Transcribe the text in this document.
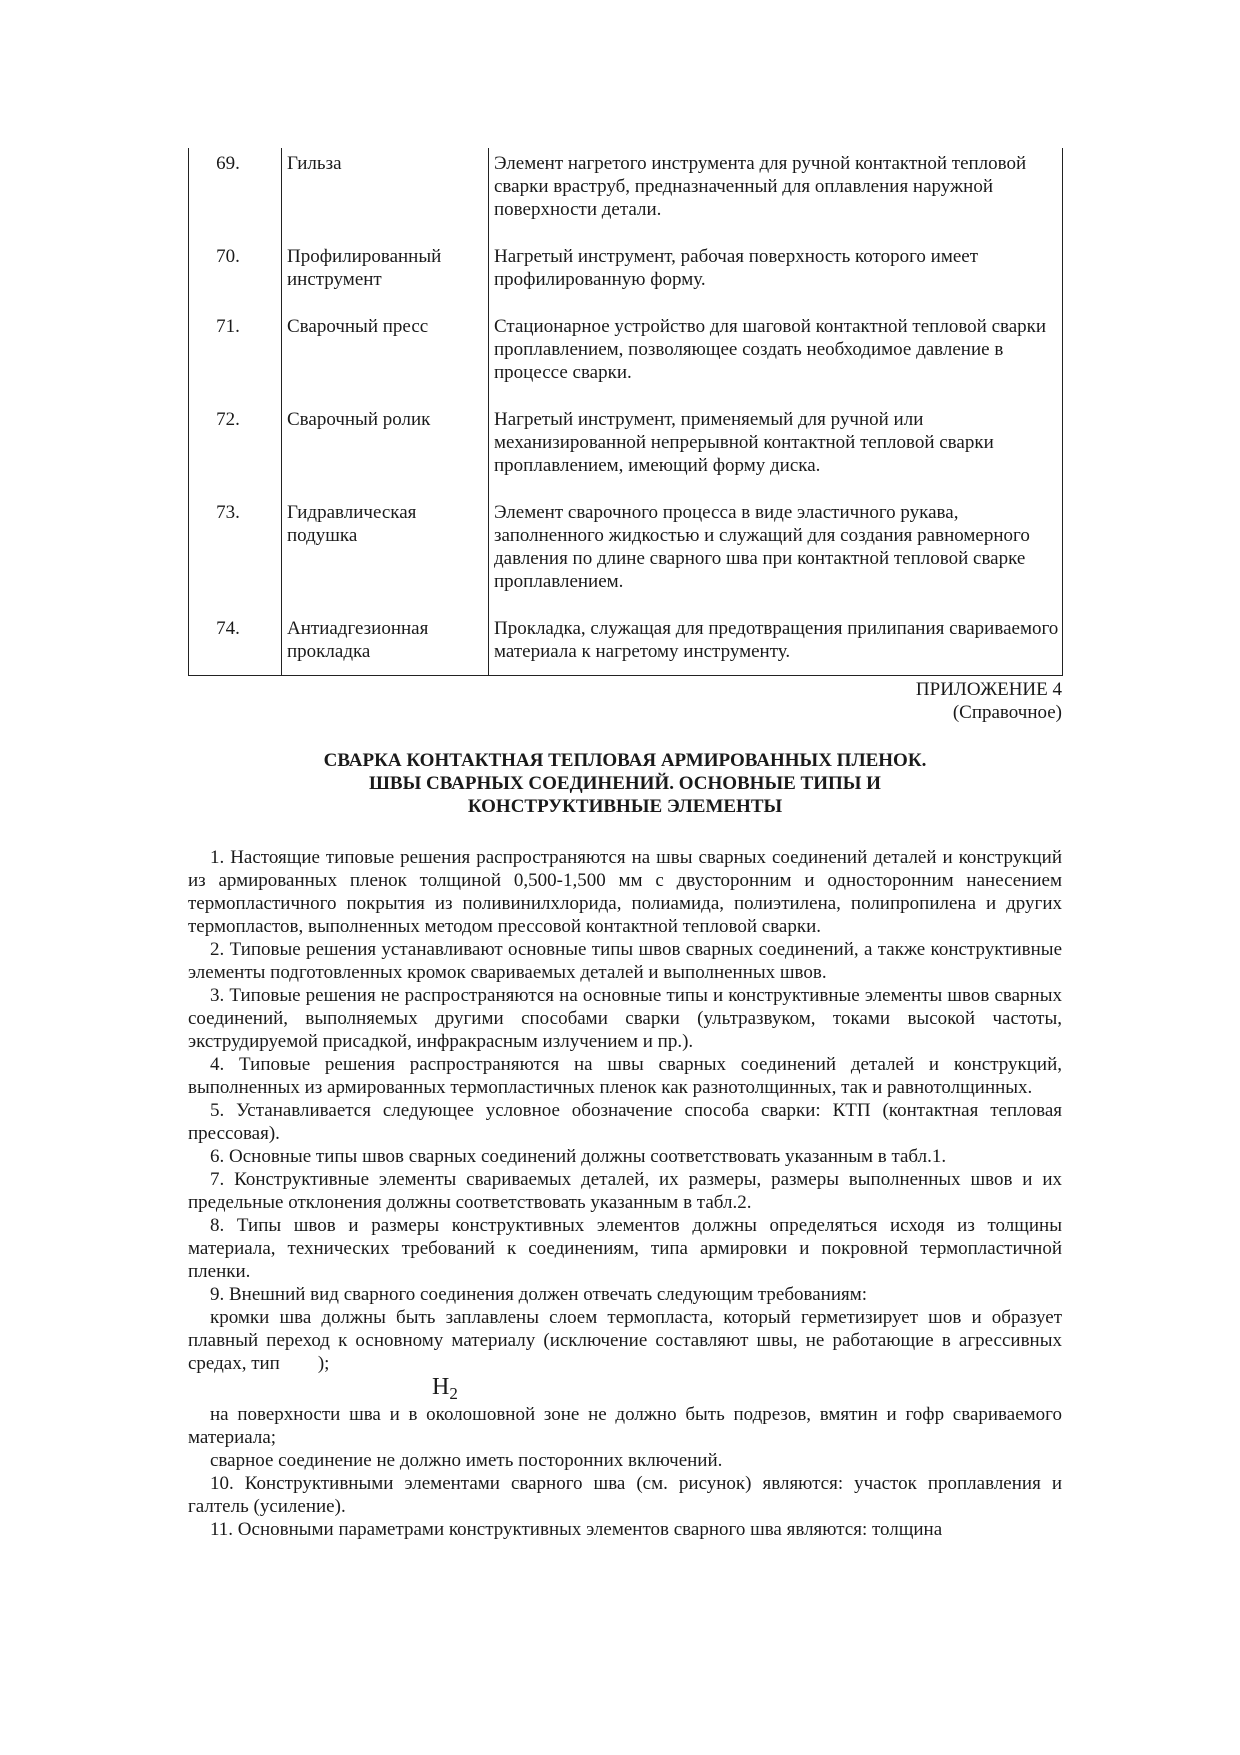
69.	Гильза	Элемент нагретого инструмента для ручной контактной тепловой сварки враструб, предназначенный для оплавления наружной поверхности детали.
70.	Профилированный инструмент	Нагретый инструмент, рабочая поверхность которого имеет профилированную форму.
71.	Сварочный пресс	Стационарное устройство для шаговой контактной тепловой сварки проплавлением, позволяющее создать необходимое давление в процессе сварки.
72.	Сварочный ролик	Нагретый инструмент, применяемый для ручной или механизированной непрерывной контактной тепловой сварки проплавлением, имеющий форму диска.
73.	Гидравлическая подушка	Элемент сварочного процесса в виде эластичного рукава, заполненного жидкостью и служащий для создания равномерного давления по длине сварного шва при контактной тепловой сварке проплавлением.
74.	Антиадгезионная прокладка	Прокладка, служащая для предотвращения прилипания свариваемого материала к нагретому инструменту.
ПРИЛОЖЕНИЕ 4
(Справочное)
СВАРКА КОНТАКТНАЯ ТЕПЛОВАЯ АРМИРОВАННЫХ ПЛЕНОК.
ШВЫ СВАРНЫХ СОЕДИНЕНИЙ. ОСНОВНЫЕ ТИПЫ И
КОНСТРУКТИВНЫЕ ЭЛЕМЕНТЫ

1. Настоящие типовые решения распространяются на швы сварных соединений деталей и конструкций из армированных пленок толщиной 0,500-1,500 мм с двусторонним и односторонним нанесением термопластичного покрытия из поливинилхлорида, полиамида, полиэтилена, полипропилена и других термопластов, выполненных методом прессовой контактной тепловой сварки.

2. Типовые решения устанавливают основные типы швов сварных соединений, а также конструктивные элементы подготовленных кромок свариваемых деталей и выполненных швов.

3. Типовые решения не распространяются на основные типы и конструктивные элементы швов сварных соединений, выполняемых другими способами сварки (ультразвуком, токами высокой частоты, экструдируемой присадкой, инфракрасным излучением и пр.).

4. Типовые решения распространяются на швы сварных соединений деталей и конструкций, выполненных из армированных термопластичных пленок как разнотолщинных, так и равнотолщинных.

5. Устанавливается следующее условное обозначение способа сварки: КТП (контактная тепловая прессовая).

6. Основные типы швов сварных соединений должны соответствовать указанным в табл.1.

7. Конструктивные элементы свариваемых деталей, их размеры, размеры выполненных швов и их предельные отклонения должны соответствовать указанным в табл.2.

8. Типы швов и размеры конструктивных элементов должны определяться исходя из толщины материала, технических требований к соединениям, типа армировки и покровной термопластичной пленки.

9. Внешний вид сварного соединения должен отвечать следующим требованиям:

кромки шва должны быть заплавлены слоем термопласта, который герметизирует шов и образует плавный переход к основному материалу (исключение составляют швы, не работающие в агрессивных средах, тип        );

$Н_2$

на поверхности шва и в околошовной зоне не должно быть подрезов, вмятин и гофр свариваемого материала;

сварное соединение не должно иметь посторонних включений.

10. Конструктивными элементами сварного шва (см. рисунок) являются: участок проплавления и галтель (усиление).

11. Основными параметрами конструктивных элементов сварного шва являются: толщина
